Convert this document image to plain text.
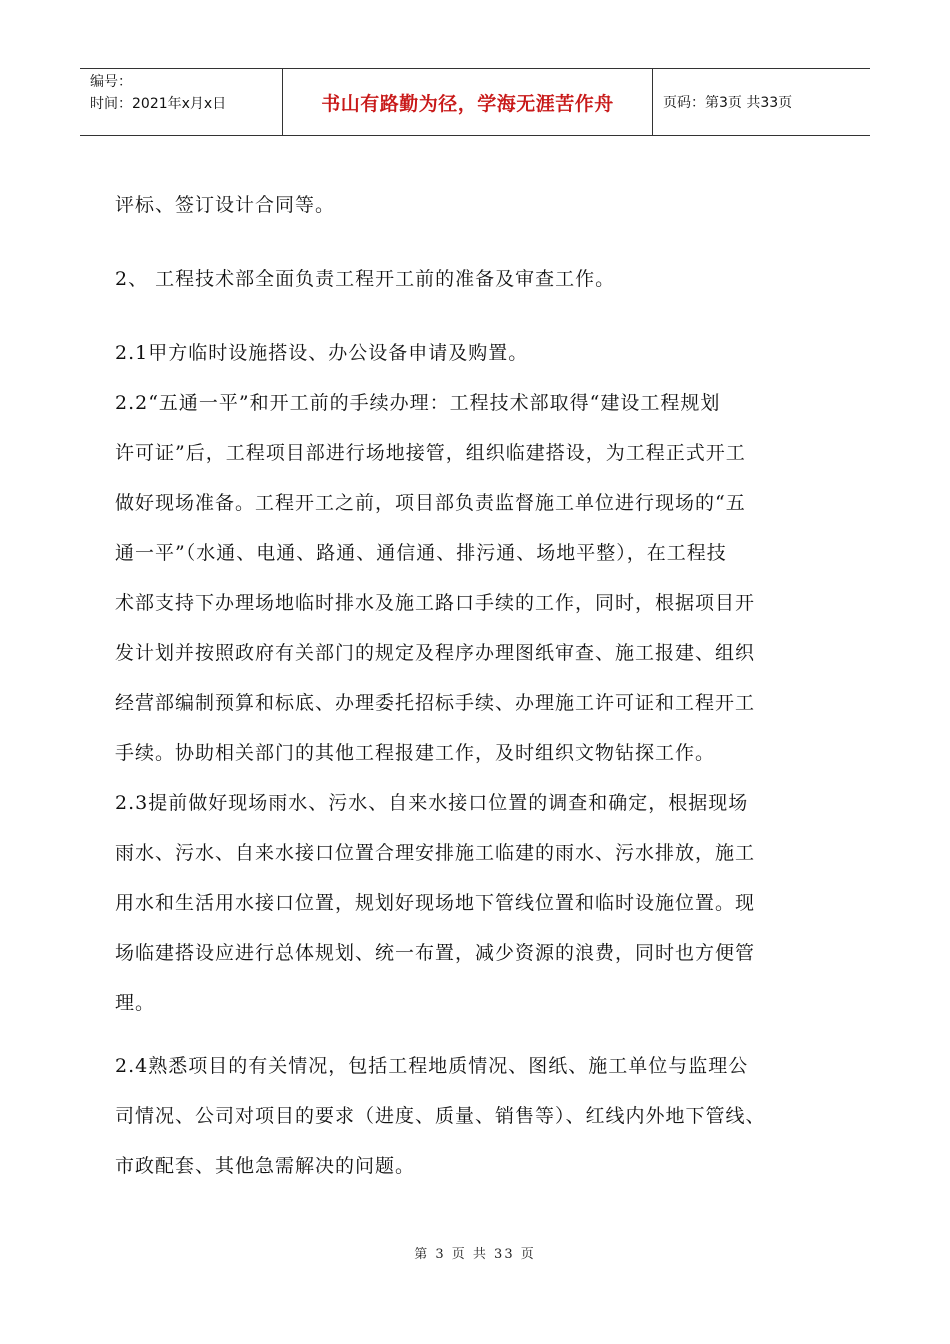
编号：
时间：2021年x月x日	书山有路勤为径，学海无涯苦作舟	页码：第3页 共33页
评标、签订设计合同等。
2、 工程技术部全面负责工程开工前的准备及审查工作。
2.1甲方临时设施搭设、办公设备申请及购置。
2.2“五通一平”和开工前的手续办理：工程技术部取得“建设工程规划
许可证”后，工程项目部进行场地接管，组织临建搭设，为工程正式开工
做好现场准备。工程开工之前，项目部负责监督施工单位进行现场的“五
通一平”（水通、电通、路通、通信通、排污通、场地平整），在工程技
术部支持下办理场地临时排水及施工路口手续的工作，同时，根据项目开
发计划并按照政府有关部门的规定及程序办理图纸审查、施工报建、组织
经营部编制预算和标底、办理委托招标手续、办理施工许可证和工程开工
手续。协助相关部门的其他工程报建工作，及时组织文物钻探工作。
2.3提前做好现场雨水、污水、自来水接口位置的调查和确定，根据现场
雨水、污水、自来水接口位置合理安排施工临建的雨水、污水排放，施工
用水和生活用水接口位置，规划好现场地下管线位置和临时设施位置。现
场临建搭设应进行总体规划、统一布置，减少资源的浪费，同时也方便管
理。
2.4熟悉项目的有关情况，包括工程地质情况、图纸、施工单位与监理公
司情况、公司对项目的要求（进度、质量、销售等）、红线内外地下管线、
市政配套、其他急需解决的问题。
第 3 页 共 33 页
